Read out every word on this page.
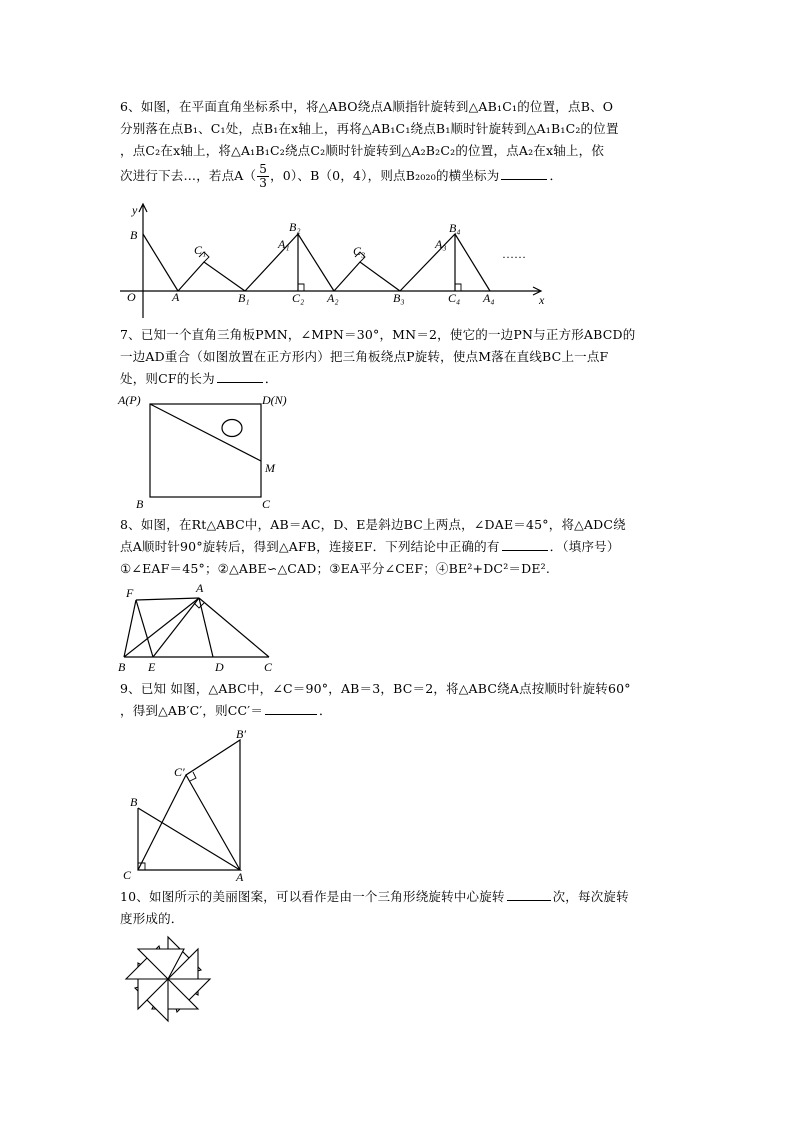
6、如图，在平面直角坐标系中，将△ABO绕点A顺指针旋转到△AB₁C₁的位置，点B、O
分别落在点B₁、C₁处，点B₁在x轴上，再将△AB₁C₁绕点B₁顺时针旋转到△A₁B₁C₂的位置
，点C₂在x轴上，将△A₁B₁C₂绕点C₂顺时针旋转到△A₂B₂C₂的位置，点A₂在x轴上，依
次进行下去…，若点$A( \frac{5}{3}$ ，0）、B（0，4），则点B₂₀₂₀的横坐标为	．
y
B
O	A
C₁
B₁
B₂
A₁
C₂ A₂
C₃
B₃
B₄
A₃
C₄ A₄
……
x
7、已知一个直角三角板PMN，∠MPN＝30°，MN＝2，使它的一边PN与正方形ABCD的
一边AD重合（如图放置在正方形内）把三角板绕点P旋转，使点M落在直线BC上一点F
处，则CF的长为	．
A(P)	D(N)
M
B	C
8、如图，在Rt△ABC中，AB＝AC，D、E是斜边BC上两点，∠DAE＝45°，将△ADC绕
点A顺时针90°旋转后，得到△AFB，连接EF．下列结论中正确的有	．（填序号）
①∠EAF＝45°；②△ABE∽△CAD；③EA平分∠CEF；④BE²+DC²＝DE².
F	A
B E	D	C
9、已知 如图，△ABC中，∠C＝90°，AB＝3，BC＝2，将△ABC绕A点按顺时针旋转60°
，得到△AB′C′，则CC′＝	．
B′
C′
B
C	A
10、如图所示的美丽图案，可以看作是由一个三角形绕旋转中心旋转	次，每次旋转
度形成的．
